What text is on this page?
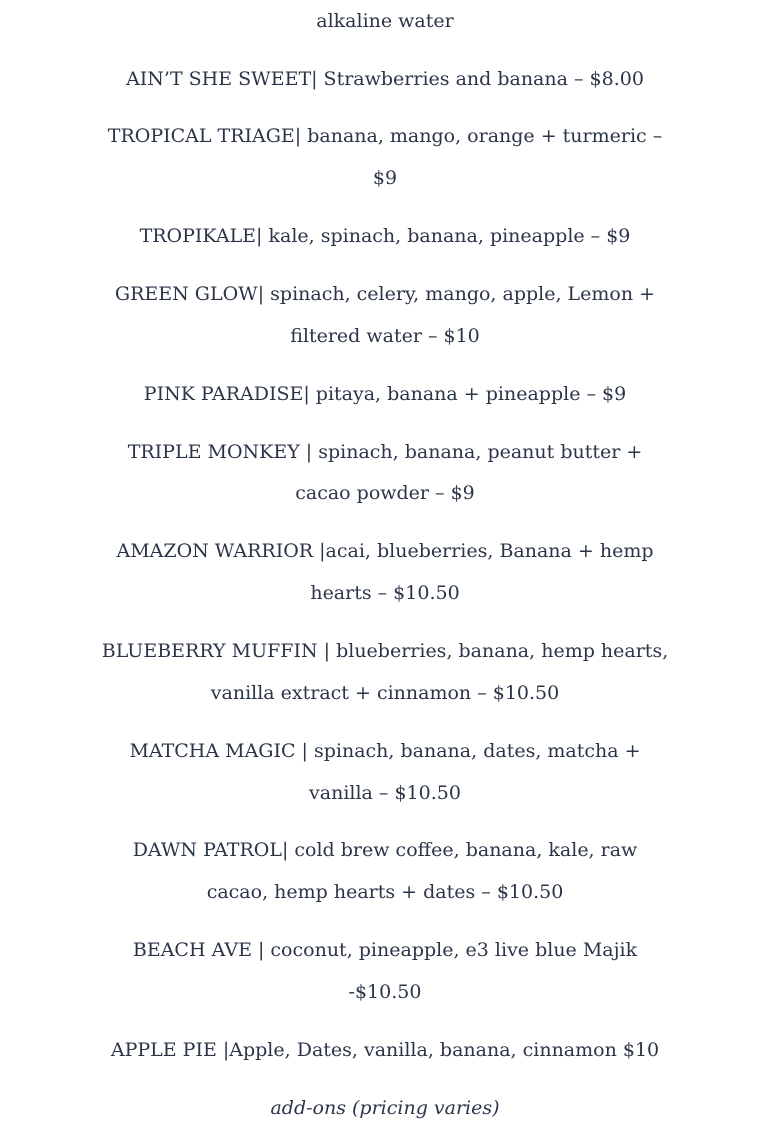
alkaline water
AIN’T SHE SWEET| Strawberries and banana – $8.00
TROPICAL TRIAGE| banana, mango, orange + turmeric –
$9
TROPIKALE| kale, spinach, banana, pineapple – $9
GREEN GLOW| spinach, celery, mango, apple, Lemon +
filtered water – $10
PINK PARADISE| pitaya, banana + pineapple – $9
TRIPLE MONKEY | spinach, banana, peanut butter +
cacao powder – $9
AMAZON WARRIOR |acai, blueberries, Banana + hemp
hearts – $10.50
BLUEBERRY MUFFIN | blueberries, banana, hemp hearts,
vanilla extract + cinnamon – $10.50
MATCHA MAGIC | spinach, banana, dates, matcha +
vanilla – $10.50
DAWN PATROL| cold brew coffee, banana, kale, raw
cacao, hemp hearts + dates – $10.50
BEACH AVE | coconut, pineapple, e3 live blue Majik
-$10.50
APPLE PIE |Apple, Dates, vanilla, banana, cinnamon $10
add-ons (pricing varies)
